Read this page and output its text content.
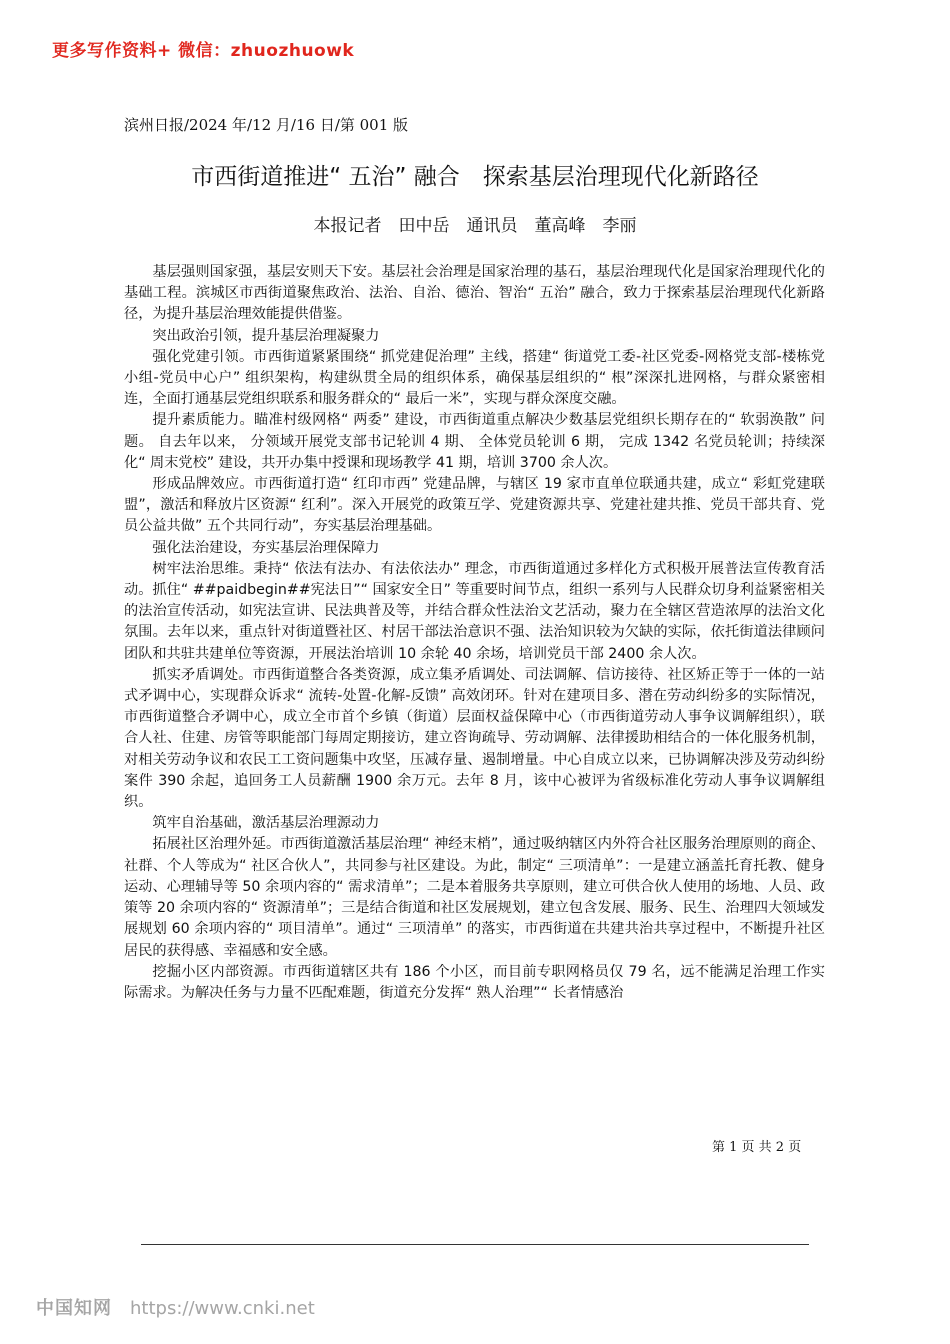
更多写作资料+ 微信：zhuozhuowk
滨州日报/2024 年/12 月/16 日/第 001 版
市西街道推进“ 五治” 融合　探索基层治理现代化新路径
本报记者　田中岳　通讯员　董高峰　李丽

基层强则国家强，基层安则天下安。基层社会治理是国家治理的基石，基层治理现代化是国家治理现代化的基础工程。滨城区市西街道聚焦政治、法治、自治、德治、智治“ 五治” 融合，致力于探索基层治理现代化新路径，为提升基层治理效能提供借鉴。

突出政治引领，提升基层治理凝聚力

强化党建引领。市西街道紧紧围绕“ 抓党建促治理” 主线，搭建“ 街道党工委-社区党委-网格党支部-楼栋党小组-党员中心户” 组织架构，构建纵贯全局的组织体系，确保基层组织的“ 根”深深扎进网格，与群众紧密相连，全面打通基层党组织联系和服务群众的“ 最后一米”，实现与群众深度交融。

提升素质能力。瞄准村级网格“ 两委” 建设，市西街道重点解决少数基层党组织长期存在的“ 软弱涣散” 问题。 自去年以来， 分领域开展党支部书记轮训 4 期、 全体党员轮训 6 期， 完成 1342 名党员轮训；持续深化“ 周末党校” 建设，共开办集中授课和现场教学 41 期，培训 3700 余人次。

形成品牌效应。市西街道打造“ 红印市西” 党建品牌，与辖区 19 家市直单位联通共建，成立“ 彩虹党建联盟”，激活和释放片区资源“ 红利”。深入开展党的政策互学、党建资源共享、党建社建共推、党员干部共育、党员公益共做” 五个共同行动”，夯实基层治理基础。

强化法治建设，夯实基层治理保障力

树牢法治思维。秉持“ 依法有法办、有法依法办” 理念，市西街道通过多样化方式积极开展普法宣传教育活动。抓住“ ##paidbegin##宪法日”“ 国家安全日” 等重要时间节点，组织一系列与人民群众切身利益紧密相关的法治宣传活动，如宪法宣讲、民法典普及等，并结合群众性法治文艺活动，聚力在全辖区营造浓厚的法治文化氛围。去年以来，重点针对街道暨社区、村居干部法治意识不强、法治知识较为欠缺的实际，依托街道法律顾问团队和共驻共建单位等资源，开展法治培训 10 余轮 40 余场，培训党员干部 2400 余人次。

抓实矛盾调处。市西街道整合各类资源，成立集矛盾调处、司法调解、信访接待、社区矫正等于一体的一站式矛调中心，实现群众诉求“ 流转-处置-化解-反馈” 高效闭环。针对在建项目多、潜在劳动纠纷多的实际情况，市西街道整合矛调中心，成立全市首个乡镇（街道）层面权益保障中心（市西街道劳动人事争议调解组织），联合人社、住建、房管等职能部门每周定期接访，建立咨询疏导、劳动调解、法律援助相结合的一体化服务机制，对相关劳动争议和农民工工资问题集中攻坚，压减存量、遏制增量。中心自成立以来，已协调解决涉及劳动纠纷案件 390 余起，追回务工人员薪酬 1900 余万元。去年 8 月，该中心被评为省级标准化劳动人事争议调解组织。

筑牢自治基础，激活基层治理源动力

拓展社区治理外延。市西街道激活基层治理“ 神经末梢”，通过吸纳辖区内外符合社区服务治理原则的商企、社群、个人等成为“ 社区合伙人”，共同参与社区建设。为此，制定“ 三项清单”：一是建立涵盖托育托教、健身运动、心理辅导等 50 余项内容的“ 需求清单”；二是本着服务共享原则，建立可供合伙人使用的场地、人员、政策等 20 余项内容的“ 资源清单”；三是结合街道和社区发展规划，建立包含发展、服务、民生、治理四大领域发展规划 60 余项内容的“ 项目清单”。通过“ 三项清单” 的落实，市西街道在共建共治共享过程中，不断提升社区居民的获得感、幸福感和安全感。

挖掘小区内部资源。市西街道辖区共有 186 个小区，而目前专职网格员仅 79 名，远不能满足治理工作实际需求。为解决任务与力量不匹配难题，街道充分发挥“ 熟人治理”“ 长者情感治

第 1 页 共 2 页
中国知网 https://www.cnki.net
